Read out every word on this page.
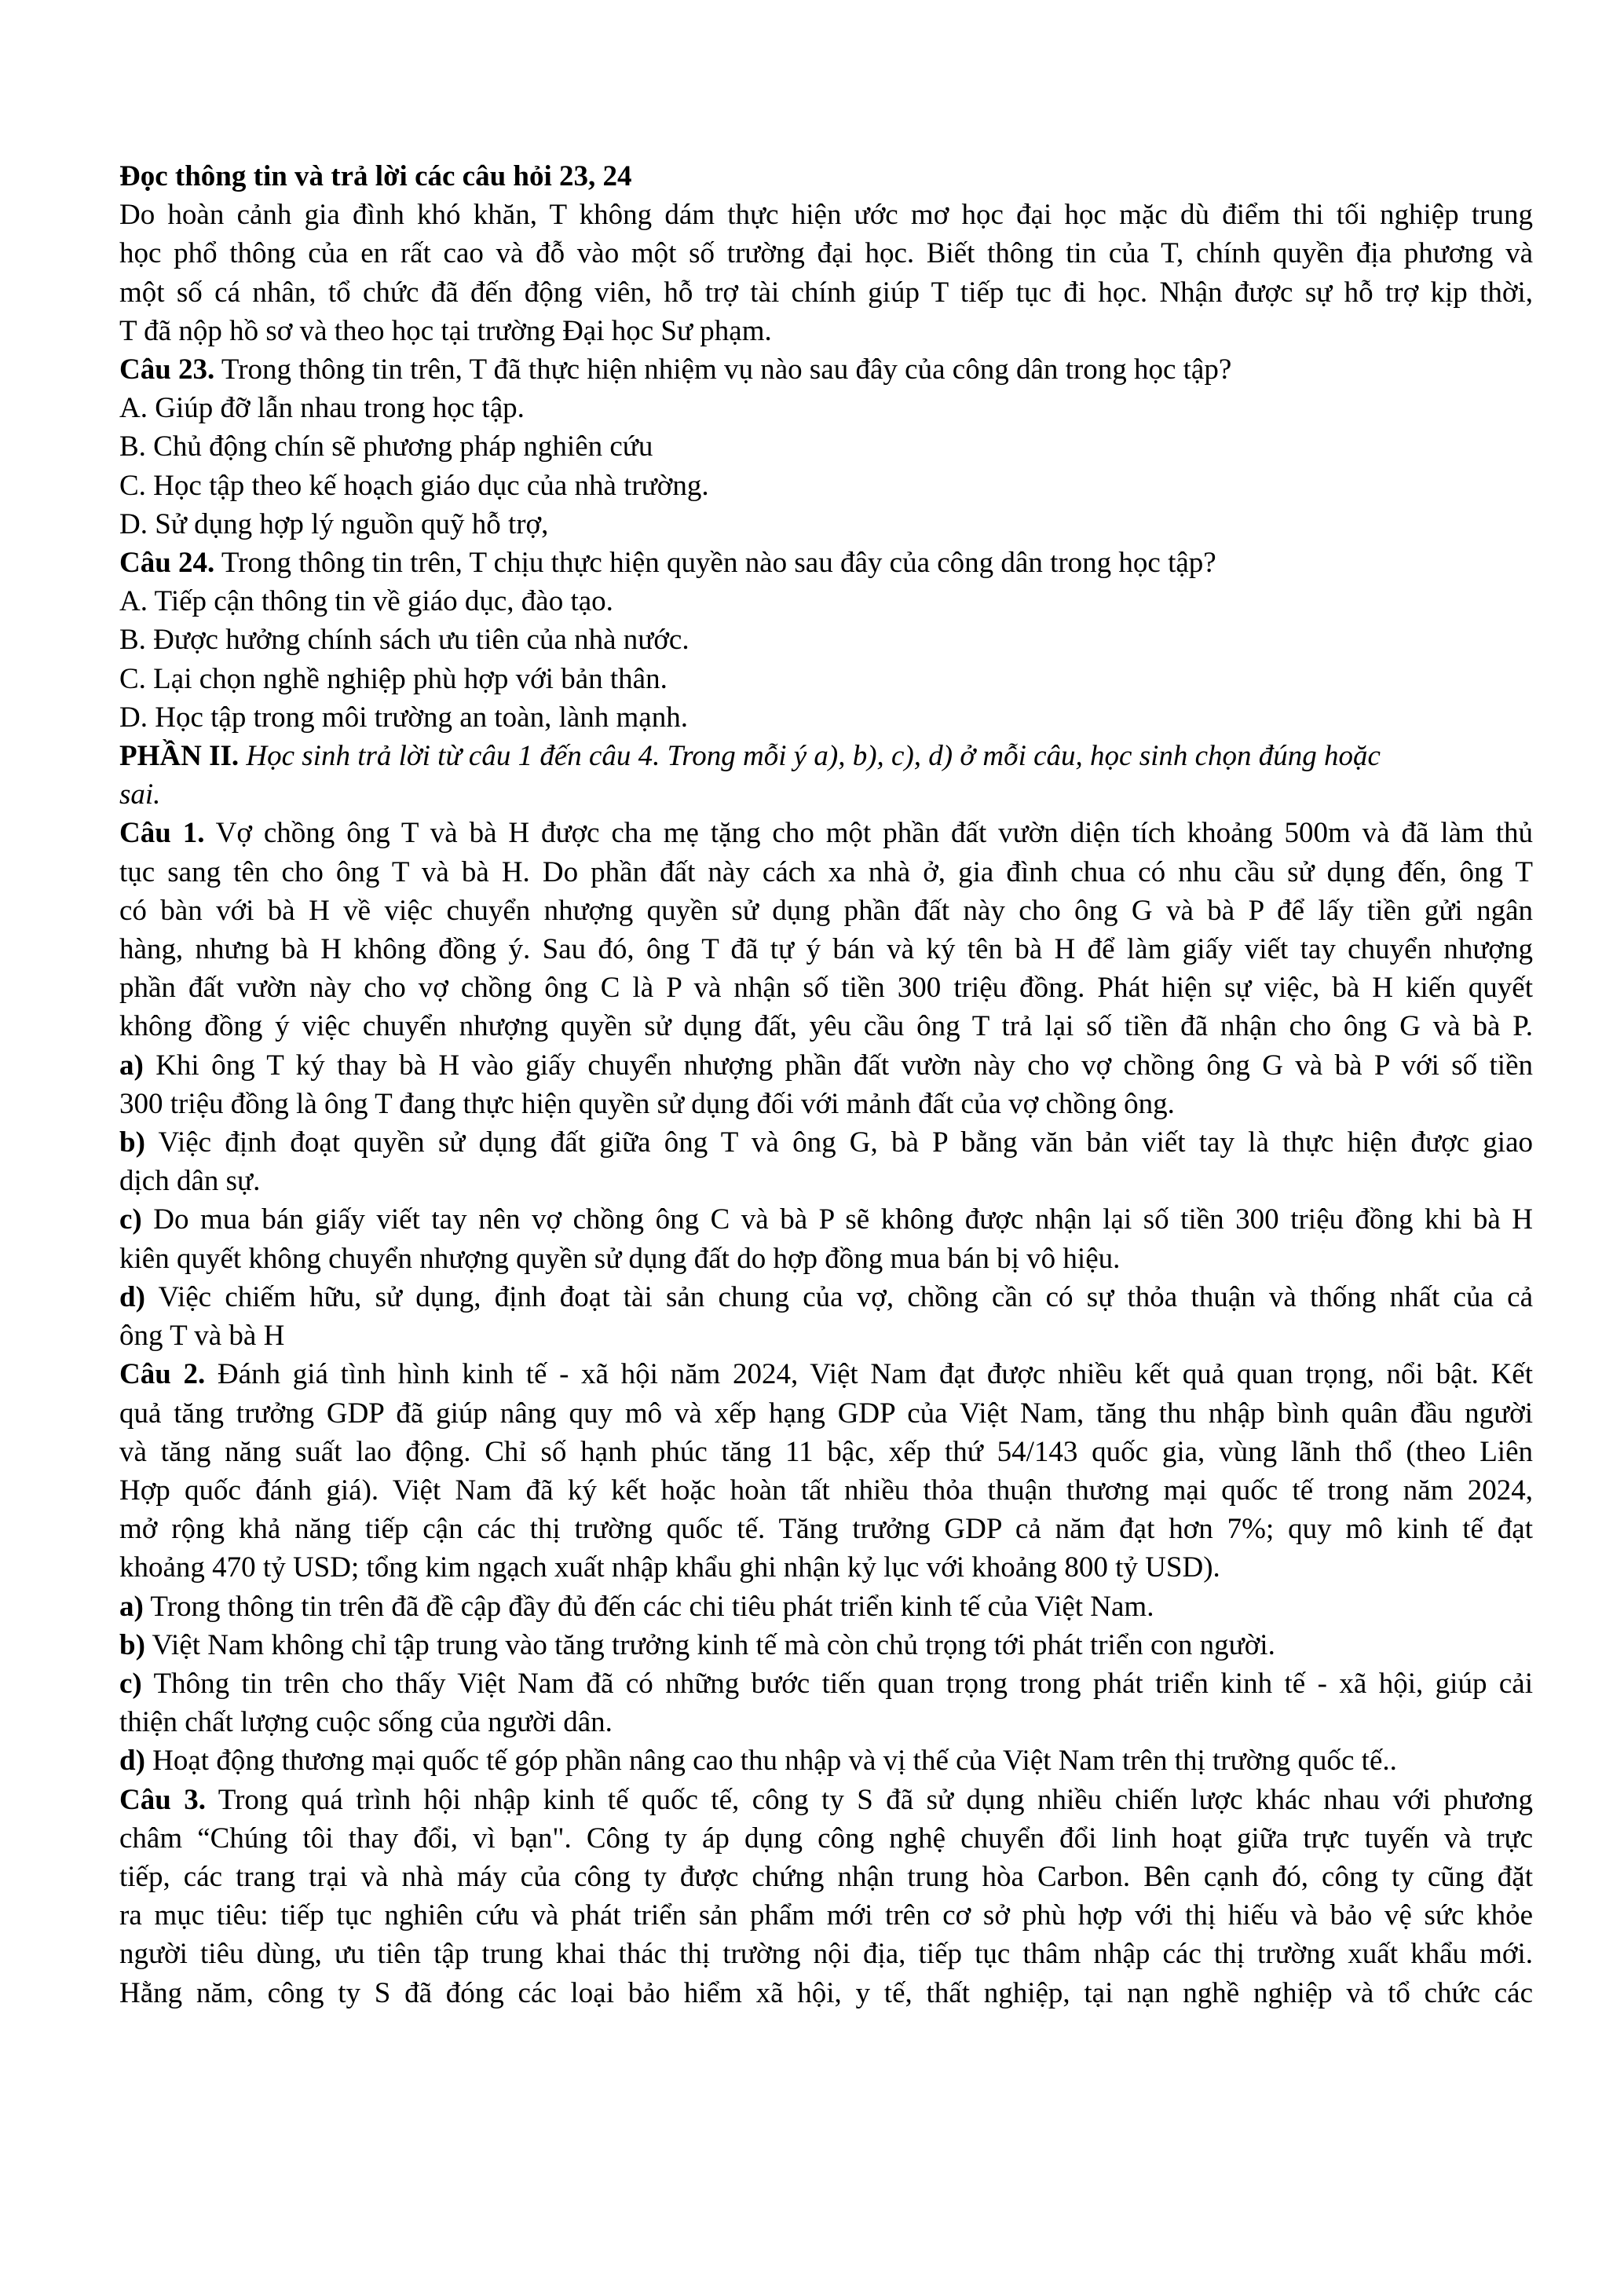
Đọc thông tin và trả lời các câu hỏi 23, 24
Do hoàn cảnh gia đình khó khăn, T không dám thực hiện ước mơ học đại học mặc dù điểm thi tối nghiệp trung
học phổ thông của en rất cao và đỗ vào một số trường đại học. Biết thông tin của T, chính quyền địa phương và
một số cá nhân, tổ chức đã đến động viên, hỗ trợ tài chính giúp T tiếp tục đi học. Nhận được sự hỗ trợ kịp thời,
T đã nộp hồ sơ và theo học tại trường Đại học Sư phạm.
Câu 23. Trong thông tin trên, T đã thực hiện nhiệm vụ nào sau đây của công dân trong học tập?
A. Giúp đỡ lẫn nhau trong học tập.
B. Chủ động chín sẽ phương pháp nghiên cứu
C. Học tập theo kế hoạch giáo dục của nhà trường.
D. Sử dụng hợp lý nguồn quỹ hỗ trợ,
Câu 24. Trong thông tin trên, T chịu thực hiện quyền nào sau đây của công dân trong học tập?
A. Tiếp cận thông tin về giáo dục, đào tạo.
B. Được hưởng chính sách ưu tiên của nhà nước.
C. Lại chọn nghề nghiệp phù hợp với bản thân.
D. Học tập trong môi trường an toàn, lành mạnh.
PHẦN II. Học sinh trả lời từ câu 1 đến câu 4. Trong mỗi ý a), b), c), d) ở mỗi câu, học sinh chọn đúng hoặc
sai.
Câu 1. Vợ chồng ông T và bà H được cha mẹ tặng cho một phần đất vườn diện tích khoảng 500m và đã làm thủ
tục sang tên cho ông T và bà H. Do phần đất này cách xa nhà ở, gia đình chua có nhu cầu sử dụng đến, ông T
có bàn với bà H về việc chuyển nhượng quyền sử dụng phần đất này cho ông G và bà P để lấy tiền gửi ngân
hàng, nhưng bà H không đồng ý. Sau đó, ông T đã tự ý bán và ký tên bà H để làm giấy viết tay chuyển nhượng
phần đất vườn này cho vợ chồng ông C là P và nhận số tiền 300 triệu đồng. Phát hiện sự việc, bà H kiến quyết
không đồng ý việc chuyển nhượng quyền sử dụng đất, yêu cầu ông T trả lại số tiền đã nhận cho ông G và bà P.
a) Khi ông T ký thay bà H vào giấy chuyển nhượng phần đất vườn này cho vợ chồng ông G và bà P với số tiền
300 triệu đồng là ông T đang thực hiện quyền sử dụng đối với mảnh đất của vợ chồng ông.
b) Việc định đoạt quyền sử dụng đất giữa ông T và ông G, bà P bằng văn bản viết tay là thực hiện được giao
dịch dân sự.
c) Do mua bán giấy viết tay nên vợ chồng ông C và bà P sẽ không được nhận lại số tiền 300 triệu đồng khi bà H
kiên quyết không chuyển nhượng quyền sử dụng đất do hợp đồng mua bán bị vô hiệu.
d) Việc chiếm hữu, sử dụng, định đoạt tài sản chung của vợ, chồng cần có sự thỏa thuận và thống nhất của cả
ông T và bà H
Câu 2. Đánh giá tình hình kinh tế - xã hội năm 2024, Việt Nam đạt được nhiều kết quả quan trọng, nổi bật. Kết
quả tăng trưởng GDP đã giúp nâng quy mô và xếp hạng GDP của Việt Nam, tăng thu nhập bình quân đầu người
và tăng năng suất lao động. Chỉ số hạnh phúc tăng 11 bậc, xếp thứ 54/143 quốc gia, vùng lãnh thổ (theo Liên
Hợp quốc đánh giá). Việt Nam đã ký kết hoặc hoàn tất nhiều thỏa thuận thương mại quốc tế trong năm 2024,
mở rộng khả năng tiếp cận các thị trường quốc tế. Tăng trưởng GDP cả năm đạt hơn 7%; quy mô kinh tế đạt
khoảng 470 tỷ USD; tổng kim ngạch xuất nhập khẩu ghi nhận kỷ lục với khoảng 800 tỷ USD).
a) Trong thông tin trên đã đề cập đầy đủ đến các chi tiêu phát triển kinh tế của Việt Nam.
b) Việt Nam không chỉ tập trung vào tăng trưởng kinh tế mà còn chủ trọng tới phát triển con người.
c) Thông tin trên cho thấy Việt Nam đã có những bước tiến quan trọng trong phát triển kinh tế - xã hội, giúp cải
thiện chất lượng cuộc sống của người dân.
d) Hoạt động thương mại quốc tế góp phần nâng cao thu nhập và vị thế của Việt Nam trên thị trường quốc tế..
Câu 3. Trong quá trình hội nhập kinh tế quốc tế, công ty S đã sử dụng nhiều chiến lược khác nhau với phương
châm “Chúng tôi thay đổi, vì bạn". Công ty áp dụng công nghệ chuyển đổi linh hoạt giữa trực tuyến và trực
tiếp, các trang trại và nhà máy của công ty được chứng nhận trung hòa Carbon. Bên cạnh đó, công ty cũng đặt
ra mục tiêu: tiếp tục nghiên cứu và phát triển sản phẩm mới trên cơ sở phù hợp với thị hiếu và bảo vệ sức khỏe
người tiêu dùng, ưu tiên tập trung khai thác thị trường nội địa, tiếp tục thâm nhập các thị trường xuất khẩu mới.
Hằng năm, công ty S đã đóng các loại bảo hiểm xã hội, y tế, thất nghiệp, tại nạn nghề nghiệp và tổ chức các
